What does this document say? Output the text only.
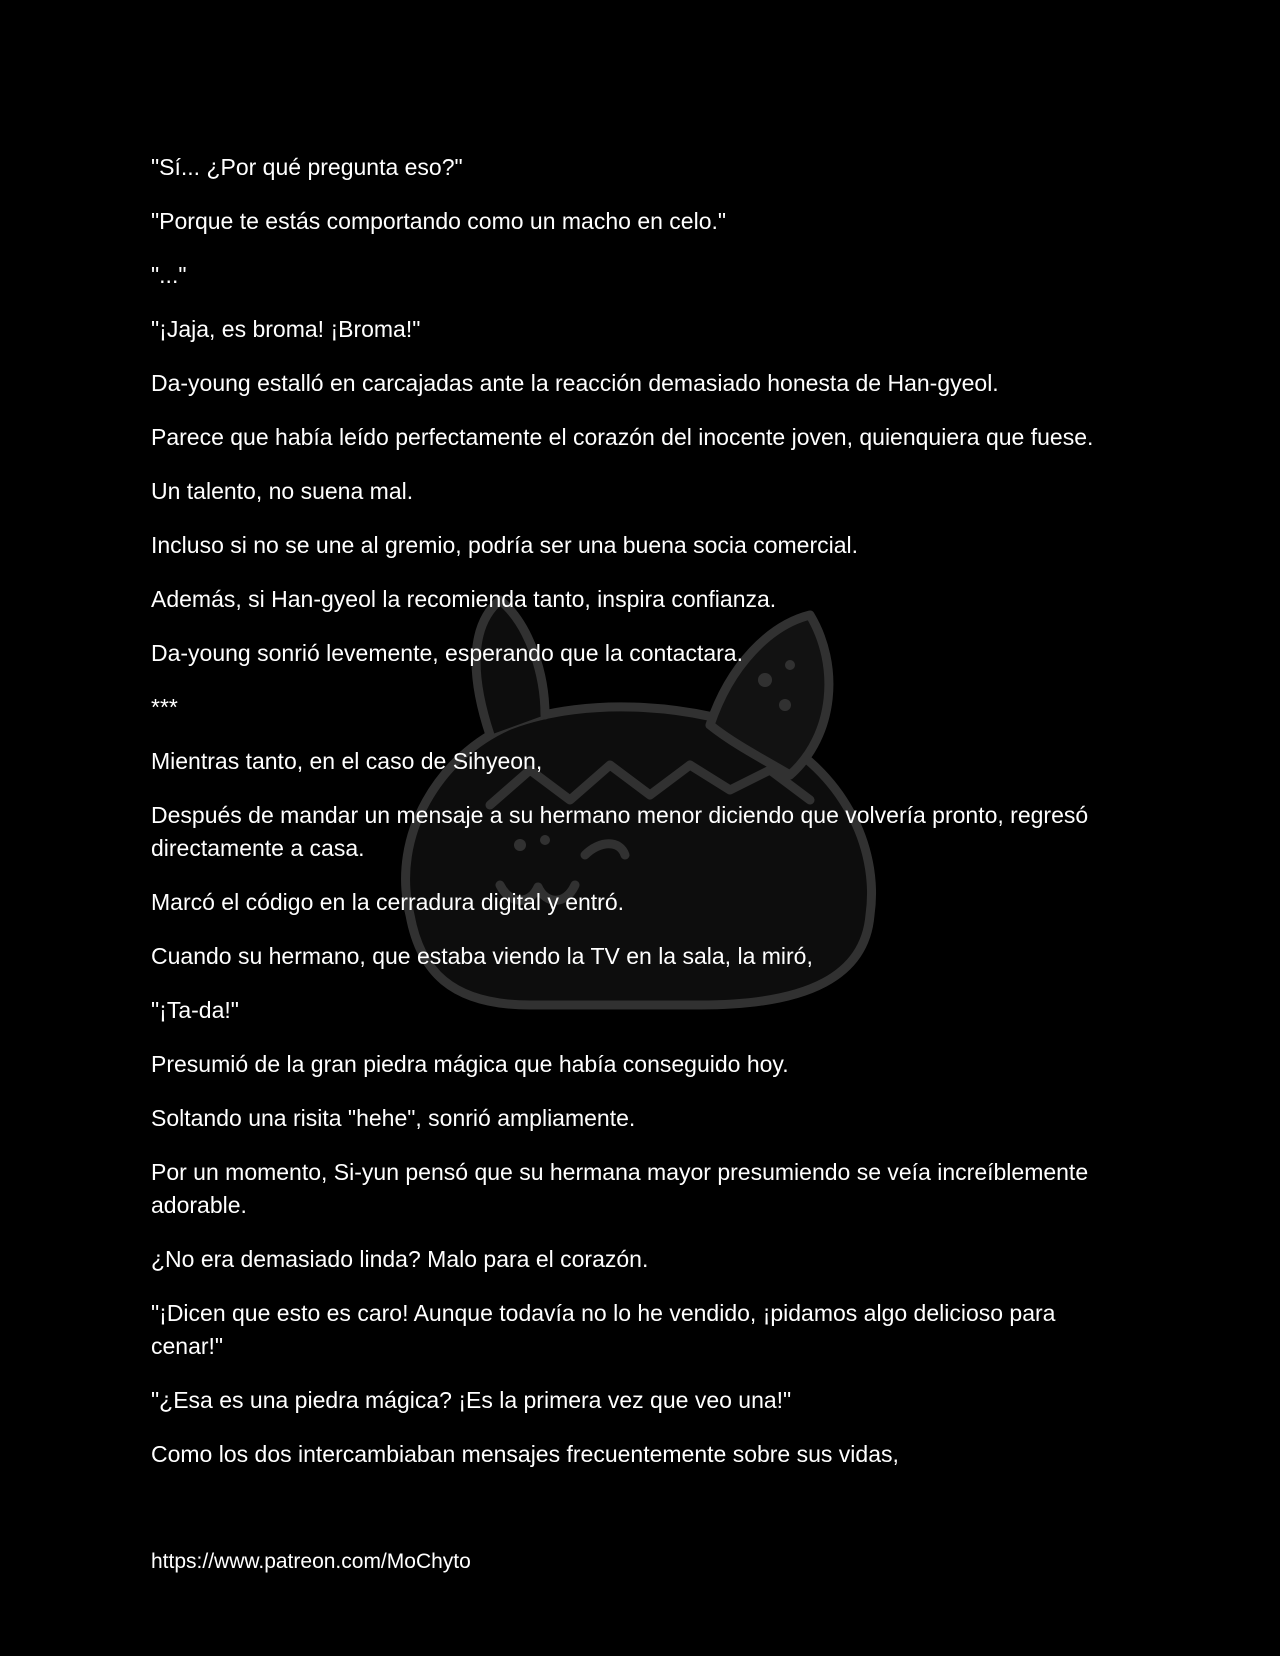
"Sí... ¿Por qué pregunta eso?"

"Porque te estás comportando como un macho en celo."

"..."

"¡Jaja, es broma! ¡Broma!"

Da-young estalló en carcajadas ante la reacción demasiado honesta de Han-gyeol.

Parece que había leído perfectamente el corazón del inocente joven, quienquiera que fuese.

Un talento, no suena mal.

Incluso si no se une al gremio, podría ser una buena socia comercial.

Además, si Han-gyeol la recomienda tanto, inspira confianza.

Da-young sonrió levemente, esperando que la contactara.

***

Mientras tanto, en el caso de Sihyeon,

Después de mandar un mensaje a su hermano menor diciendo que volvería pronto, regresó directamente a casa.

Marcó el código en la cerradura digital y entró.

Cuando su hermano, que estaba viendo la TV en la sala, la miró,

"¡Ta-da!"

Presumió de la gran piedra mágica que había conseguido hoy.

Soltando una risita "hehe", sonrió ampliamente.

Por un momento, Si-yun pensó que su hermana mayor presumiendo se veía increíblemente adorable.

¿No era demasiado linda? Malo para el corazón.

"¡Dicen que esto es caro! Aunque todavía no lo he vendido, ¡pidamos algo delicioso para cenar!"

"¿Esa es una piedra mágica? ¡Es la primera vez que veo una!"

Como los dos intercambiaban mensajes frecuentemente sobre sus vidas,

https://www.patreon.com/MoChyto
